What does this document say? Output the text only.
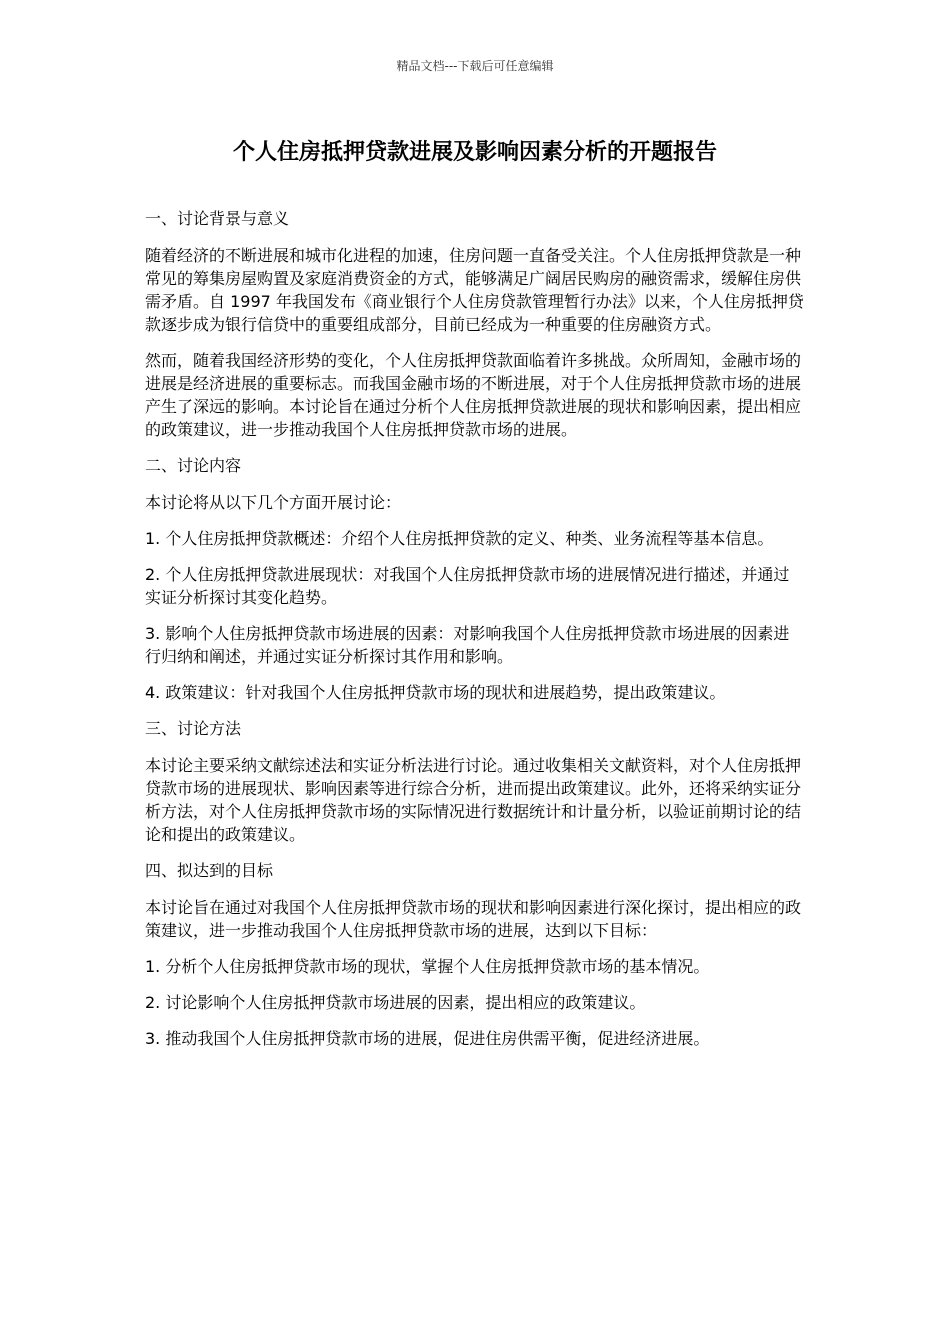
精品文档---下载后可任意编辑
个人住房抵押贷款进展及影响因素分析的开题报告

一、讨论背景与意义

随着经济的不断进展和城市化进程的加速，住房问题一直备受关注。个人住房抵押贷款是一种常见的筹集房屋购置及家庭消费资金的方式，能够满足广阔居民购房的融资需求，缓解住房供需矛盾。自 1997 年我国发布《商业银行个人住房贷款管理暂行办法》以来，个人住房抵押贷款逐步成为银行信贷中的重要组成部分，目前已经成为一种重要的住房融资方式。

然而，随着我国经济形势的变化，个人住房抵押贷款面临着许多挑战。众所周知，金融市场的进展是经济进展的重要标志。而我国金融市场的不断进展，对于个人住房抵押贷款市场的进展产生了深远的影响。本讨论旨在通过分析个人住房抵押贷款进展的现状和影响因素，提出相应的政策建议，进一步推动我国个人住房抵押贷款市场的进展。

二、讨论内容

本讨论将从以下几个方面开展讨论：

1. 个人住房抵押贷款概述：介绍个人住房抵押贷款的定义、种类、业务流程等基本信息。

2. 个人住房抵押贷款进展现状：对我国个人住房抵押贷款市场的进展情况进行描述，并通过实证分析探讨其变化趋势。

3. 影响个人住房抵押贷款市场进展的因素：对影响我国个人住房抵押贷款市场进展的因素进行归纳和阐述，并通过实证分析探讨其作用和影响。

4. 政策建议：针对我国个人住房抵押贷款市场的现状和进展趋势，提出政策建议。

三、讨论方法

本讨论主要采纳文献综述法和实证分析法进行讨论。通过收集相关文献资料，对个人住房抵押贷款市场的进展现状、影响因素等进行综合分析，进而提出政策建议。此外，还将采纳实证分析方法，对个人住房抵押贷款市场的实际情况进行数据统计和计量分析，以验证前期讨论的结论和提出的政策建议。

四、拟达到的目标

本讨论旨在通过对我国个人住房抵押贷款市场的现状和影响因素进行深化探讨，提出相应的政策建议，进一步推动我国个人住房抵押贷款市场的进展，达到以下目标：

1. 分析个人住房抵押贷款市场的现状，掌握个人住房抵押贷款市场的基本情况。

2. 讨论影响个人住房抵押贷款市场进展的因素，提出相应的政策建议。

3. 推动我国个人住房抵押贷款市场的进展，促进住房供需平衡，促进经济进展。
